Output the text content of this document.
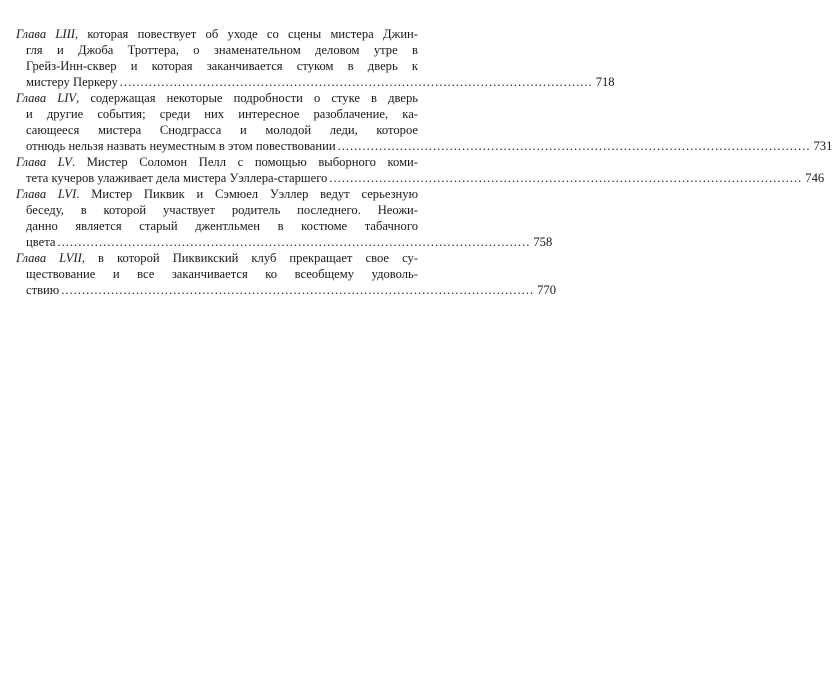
Глава LIII, которая повествует об уходе со сцены мистера Джин-
гля и Джоба Троттера, о знаменательном деловом утре в
Грейз-Инн-сквер и которая заканчивается стуком в дверь к
мистеру Перкеру .................................................................................................................. 718
Глава LIV, содержащая некоторые подробности о стуке в дверь
и другие события; среди них интересное разоблачение, ка-
сающееся мистера Снодграсса и молодой леди, которое
отнюдь нельзя назвать неуместным в этом повествовании .................................................................................................................. 731
Глава LV. Мистер Соломон Пелл с помощью выборного коми-
тета кучеров улаживает дела мистера Уэллера-старшего .................................................................................................................. 746
Глава LVI. Мистер Пиквик и Сэмюел Уэллер ведут серьезную
беседу, в которой участвует родитель последнего. Неожи-
данно является старый джентльмен в костюме табачного
цвета .................................................................................................................. 758
Глава LVII, в которой Пиквикский клуб прекращает свое су-
ществование и все заканчивается ко всеобщему удоволь-
ствию .................................................................................................................. 770
